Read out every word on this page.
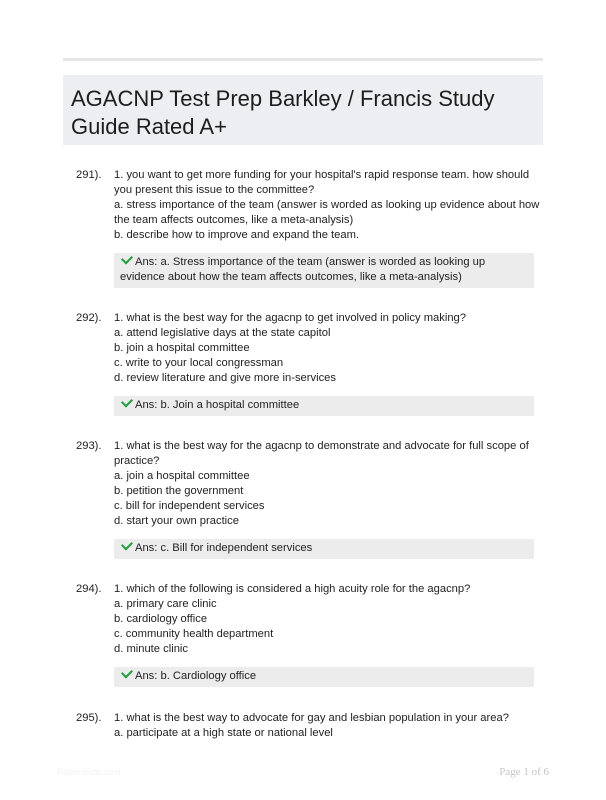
AGACNP Test Prep Barkley / Francis Study Guide Rated A+
291). 1. you want to get more funding for your hospital's rapid response team. how should you present this issue to the committee?
a. stress importance of the team (answer is worded as looking up evidence about how the team affects outcomes, like a meta-analysis)
b. describe how to improve and expand the team.
Ans: a. Stress importance of the team (answer is worded as looking up evidence about how the team affects outcomes, like a meta-analysis)
292). 1. what is the best way for the agacnp to get involved in policy making?
a. attend legislative days at the state capitol
b. join a hospital committee
c. write to your local congressman
d. review literature and give more in-services
Ans: b. Join a hospital committee
293). 1. what is the best way for the agacnp to demonstrate and advocate for full scope of practice?
a. join a hospital committee
b. petition the government
c. bill for independent services
d. start your own practice
Ans: c. Bill for independent services
294). 1. which of the following is considered a high acuity role for the agacnp?
a. primary care clinic
b. cardiology office
c. community health department
d. minute clinic
Ans: b. Cardiology office
295). 1. what is the best way to advocate for gay and lesbian population in your area?
a. participate at a high state or national level
PaperSlide.com	Page 1 of 6
